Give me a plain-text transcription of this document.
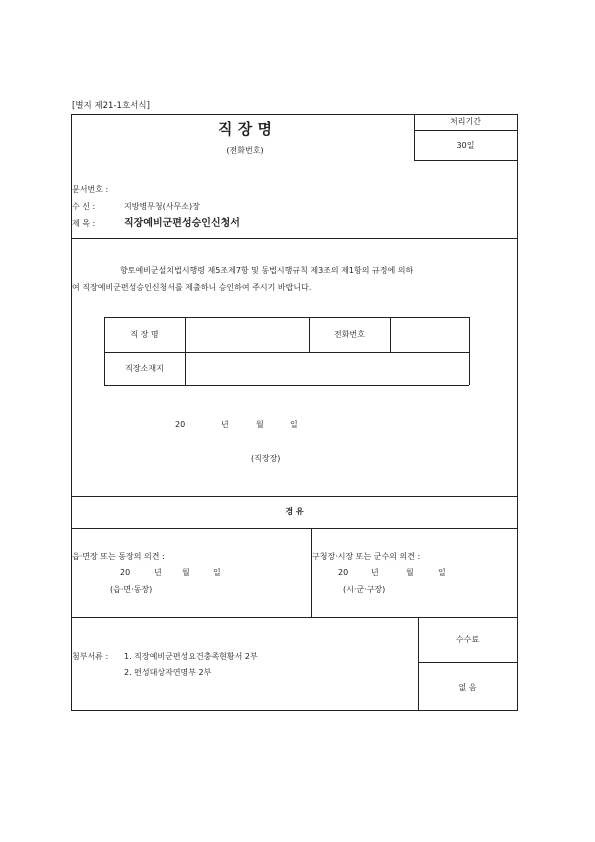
[별지 제21-1호서식]
직 장 명
(전화번호)
처리기간
30일
문서번호 :
수 신 :	지방병무청(사무소)장
제 목 :	직장예비군편성승인신청서
향토예비군설치법시행령 제5조제7항 및 동법시행규칙 제3조의 제1항의 규정에 의하
여 직장예비군편성승인신청서를 제출하니 승인하여 주시기 바랍니다.
직 장 명	전화번호
직장소재지
20	년	월	일
(직장장)
경 유
읍·면장 또는 동장의 의견 :
20	년	월	일
(읍·면·동장)
구청장·시장 또는 군수의 의견 :
20	년	월	일
(시·군·구장)
첨부서류 : 1. 직장예비군편성요건충족현황서 2부
2. 편성대상자연명부 2부
수수료
없 음
